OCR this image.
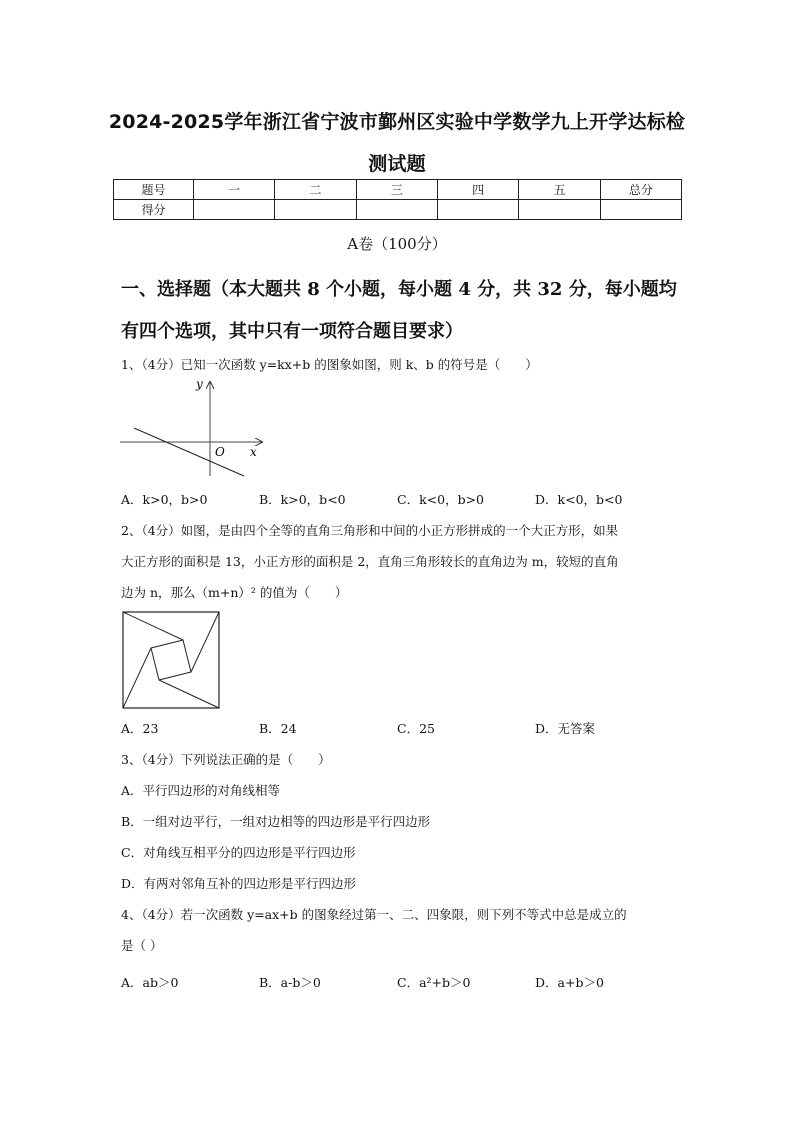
2024-2025学年浙江省宁波市鄞州区实验中学数学九上开学达标检
测试题
题号	一	二	三	四	五	总分
得分						
A卷（100分）
一、选择题（本大题共 8 个小题，每小题 4 分，共 32 分，每小题均
有四个选项，其中只有一项符合题目要求）
1、（4分）已知一次函数 y=kx+b 的图象如图，则 k、b 的符号是（　　）
y
x
O
A．k>0，b>0	B．k>0，b<0	C．k<0，b>0	D．k<0，b<0
2、（4分）如图，是由四个全等的直角三角形和中间的小正方形拼成的一个大正方形，如果
大正方形的面积是 13，小正方形的面积是 2，直角三角形较长的直角边为 m，较短的直角
边为 n，那么（m+n）² 的值为（　　）
A．23	B．24	C．25	D．无答案
3、（4分）下列说法正确的是（　　）
A．平行四边形的对角线相等
B．一组对边平行，一组对边相等的四边形是平行四边形
C．对角线互相平分的四边形是平行四边形
D．有两对邻角互补的四边形是平行四边形
4、（4分）若一次函数 y=ax+b 的图象经过第一、二、四象限，则下列不等式中总是成立的
是（ ）
A．ab＞0	B．a-b＞0	C．a²+b＞0	D．a+b＞0
